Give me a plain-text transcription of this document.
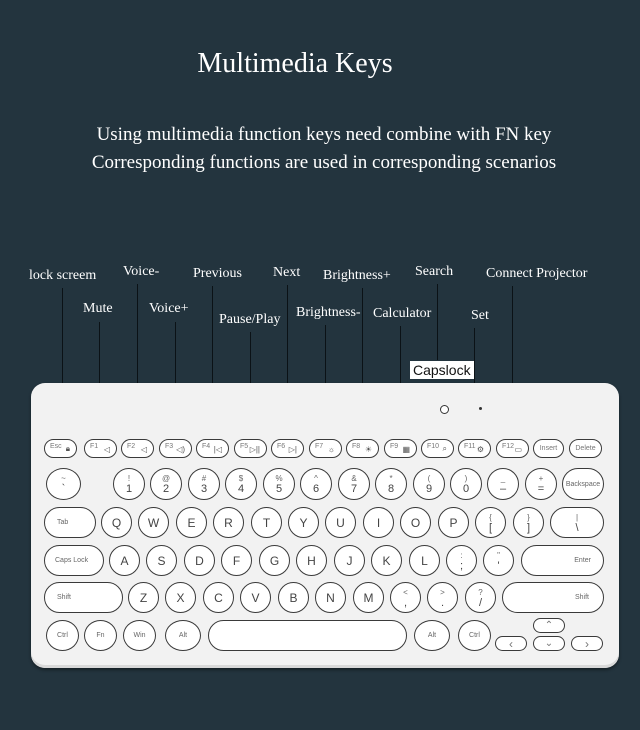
Multimedia Keys
Using multimedia function keys need combine with FN key
Corresponding functions are used in corresponding scenarios
lock screem
Mute
Voice-
Voice+
Previous
Pause/Play
Next
Brightness-
Brightness+
Calculator
Search
Set
Connect Projector
Esc 🔒︎	F1 ◁ F2 ◁	F3 ◁) F4 |◁	F5 ▷|| F6 ▷|	F7 ☼ F8 ☀	F9 ▦ F10 ⌕ F11 ⚙	F12 ▭	Insert	Delete
~
`
!
1
@
2
#
3
$
4
%
5
^
6
&
7
*
8
(
9
)
0
_
–
+
=	Backspace
Tab	Q W E R	T Y U	I	O P	{
[
}
]
|
\
Caps Lock	A S D F G H	J K	L	:
;
"
'	Enter
Shift	Z X C V B N M	<
,
>
.
?
/	Shift
Ctrl	Fn	Win	Alt	Alt	Ctrl
⌃
‹	⌄	›
Capslock
